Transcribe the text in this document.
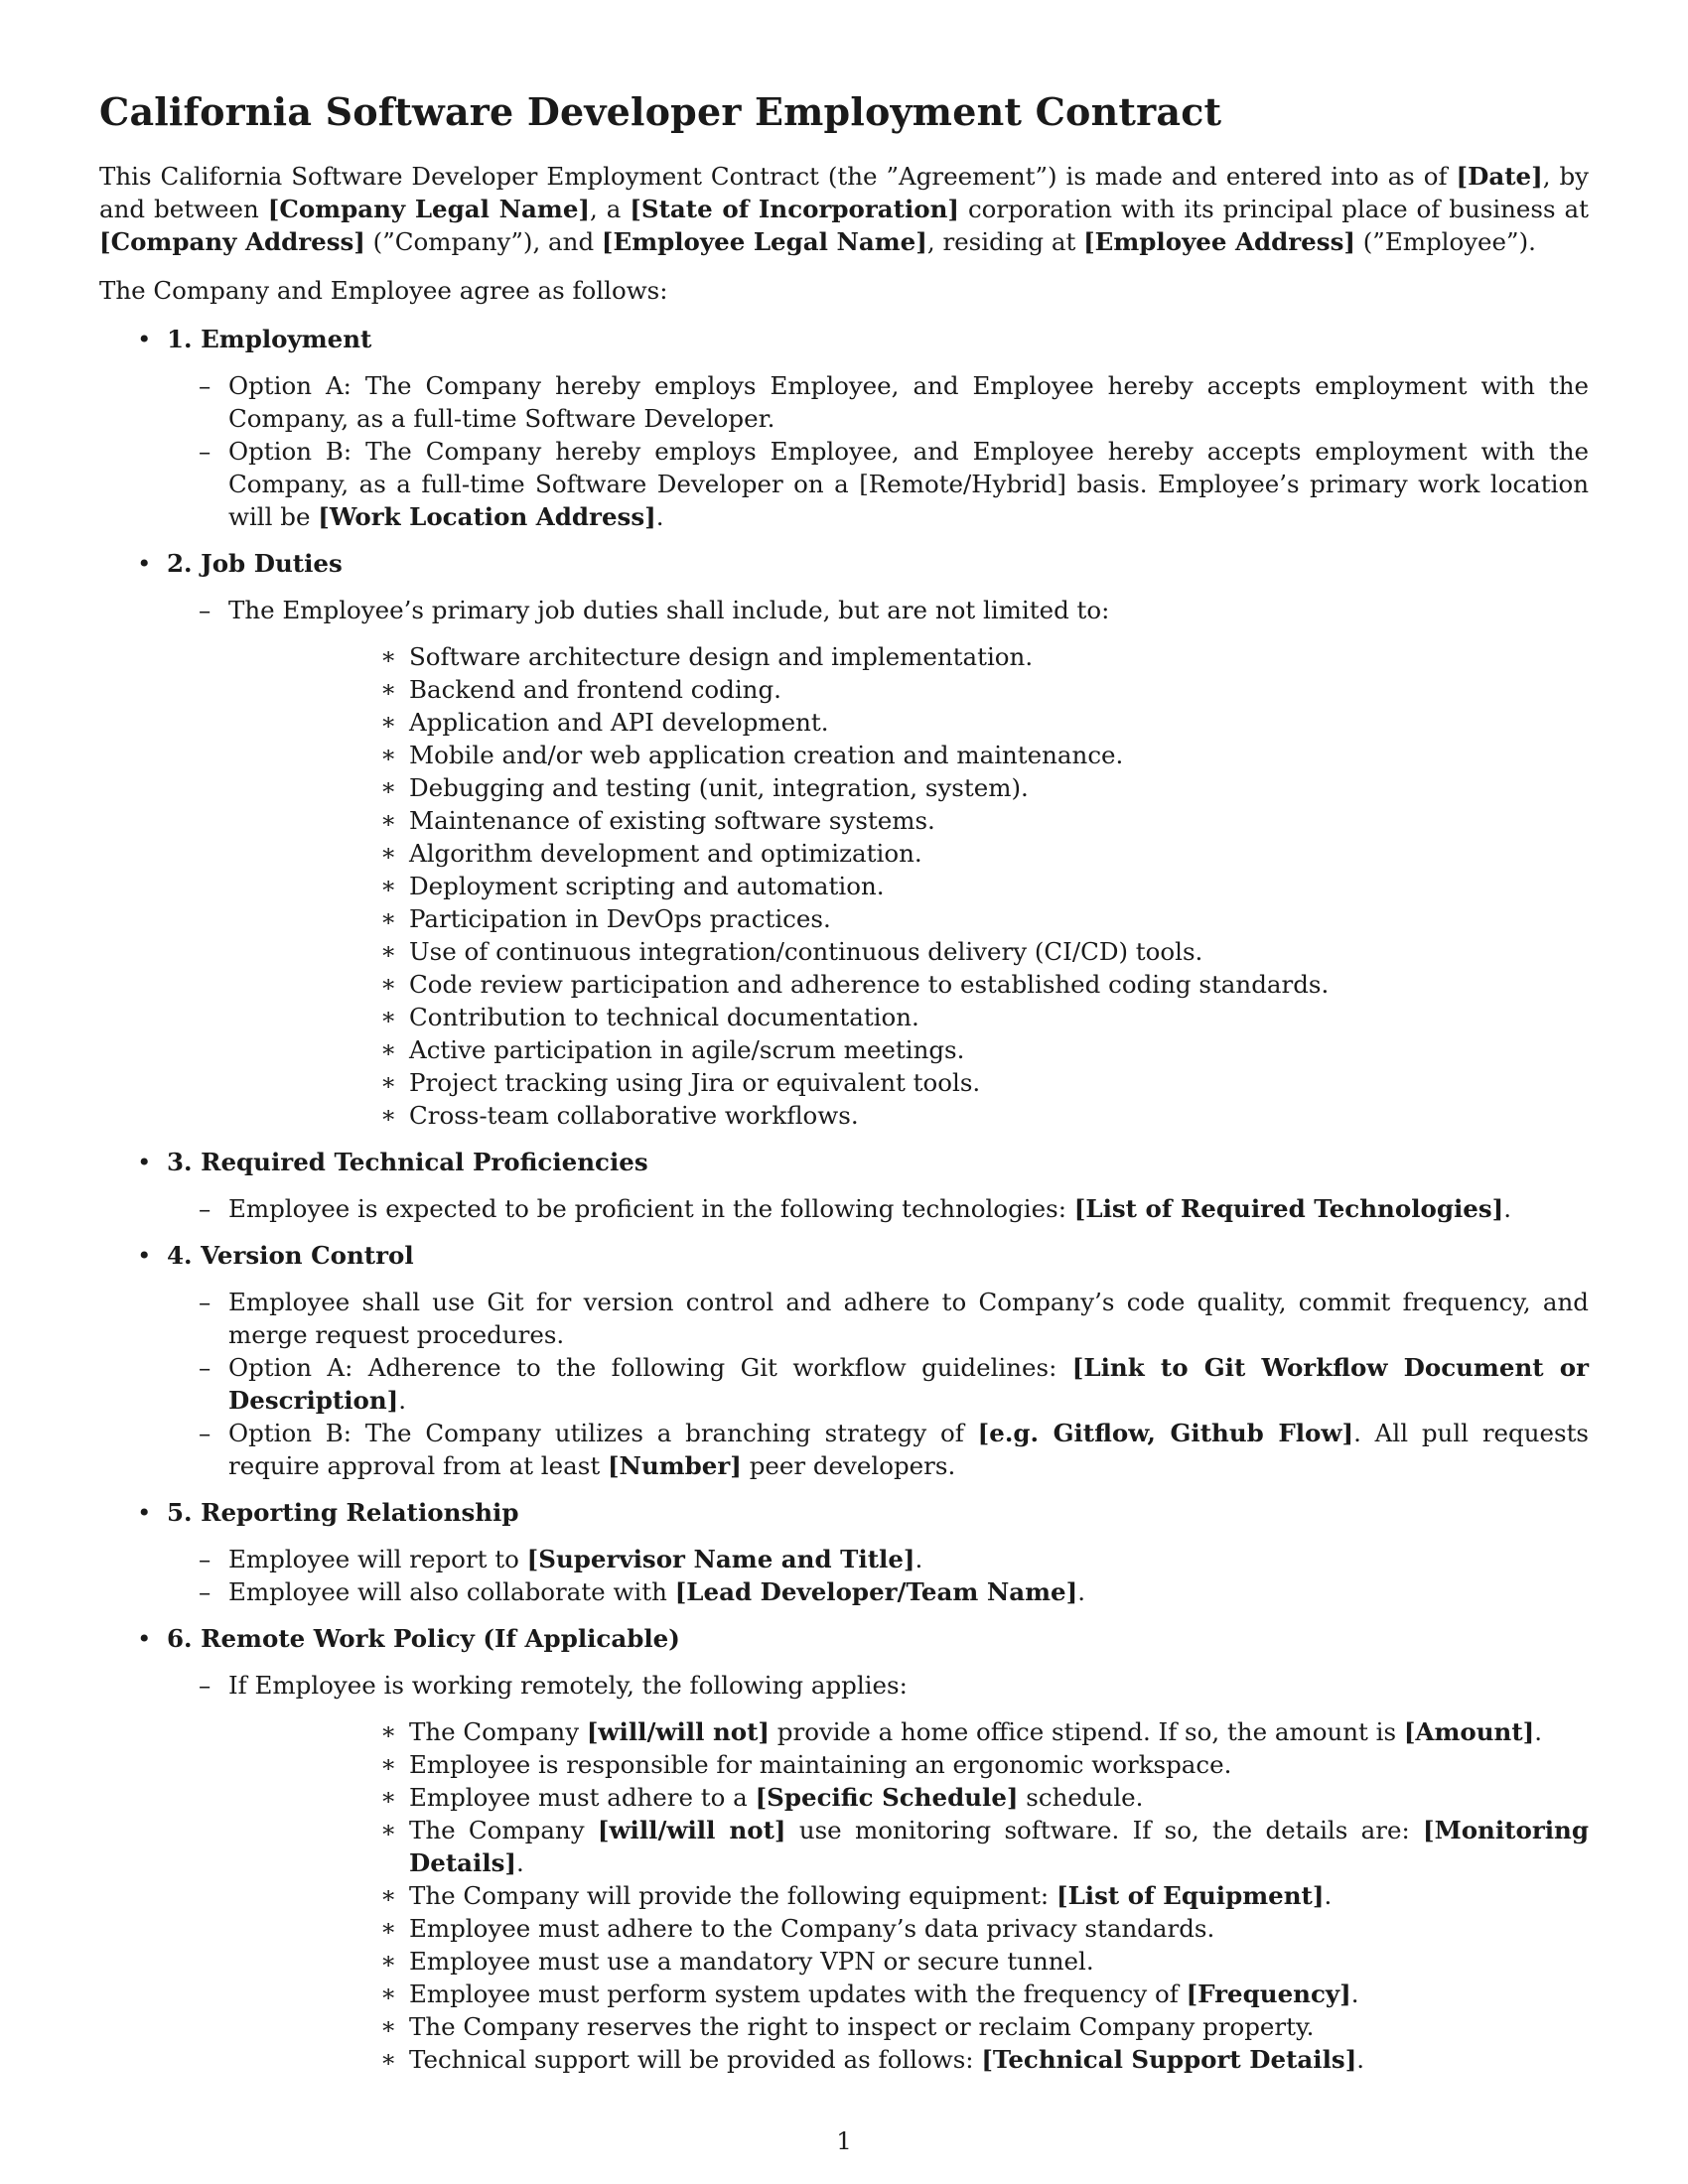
California Software Developer Employment Contract

This California Software Developer Employment Contract (the ”Agreement”) is made and entered into as of [Date], by and between [Company Legal Name], a [State of Incorporation] corporation with its principal place of business at [Company Address] (”Company”), and [Employee Legal Name], residing at [Employee Address] (”Employee”).

The Company and Employee agree as follows:

• 1. Employment
– Option A: The Company hereby employs Employee, and Employee hereby accepts employment with the Company, as a full-time Software Developer.
– Option B: The Company hereby employs Employee, and Employee hereby accepts employment with the Company, as a full-time Software Developer on a [Remote/Hybrid] basis. Employee’s primary work location will be [Work Location Address].
• 2. Job Duties
– The Employee’s primary job duties shall include, but are not limited to:
∗ Software architecture design and implementation.
∗ Backend and frontend coding.
∗ Application and API development.
∗ Mobile and/or web application creation and maintenance.
∗ Debugging and testing (unit, integration, system).
∗ Maintenance of existing software systems.
∗ Algorithm development and optimization.
∗ Deployment scripting and automation.
∗ Participation in DevOps practices.
∗ Use of continuous integration/continuous delivery (CI/CD) tools.
∗ Code review participation and adherence to established coding standards.
∗ Contribution to technical documentation.
∗ Active participation in agile/scrum meetings.
∗ Project tracking using Jira or equivalent tools.
∗ Cross-team collaborative workflows.
• 3. Required Technical Proficiencies
– Employee is expected to be proficient in the following technologies: [List of Required Technologies].
• 4. Version Control
– Employee shall use Git for version control and adhere to Company’s code quality, commit frequency, and merge request procedures.
– Option A: Adherence to the following Git workflow guidelines: [Link to Git Workflow Document or Description].
– Option B: The Company utilizes a branching strategy of [e.g. Gitflow, Github Flow]. All pull requests require approval from at least [Number] peer developers.
• 5. Reporting Relationship
– Employee will report to [Supervisor Name and Title].
– Employee will also collaborate with [Lead Developer/Team Name].
• 6. Remote Work Policy (If Applicable)
– If Employee is working remotely, the following applies:
∗ The Company [will/will not] provide a home office stipend. If so, the amount is [Amount].
∗ Employee is responsible for maintaining an ergonomic workspace.
∗ Employee must adhere to a [Specific Schedule] schedule.
∗ The Company [will/will not] use monitoring software. If so, the details are: [Monitoring Details].
∗ The Company will provide the following equipment: [List of Equipment].
∗ Employee must adhere to the Company’s data privacy standards.
∗ Employee must use a mandatory VPN or secure tunnel.
∗ Employee must perform system updates with the frequency of [Frequency].
∗ The Company reserves the right to inspect or reclaim Company property.
∗ Technical support will be provided as follows: [Technical Support Details].
1
